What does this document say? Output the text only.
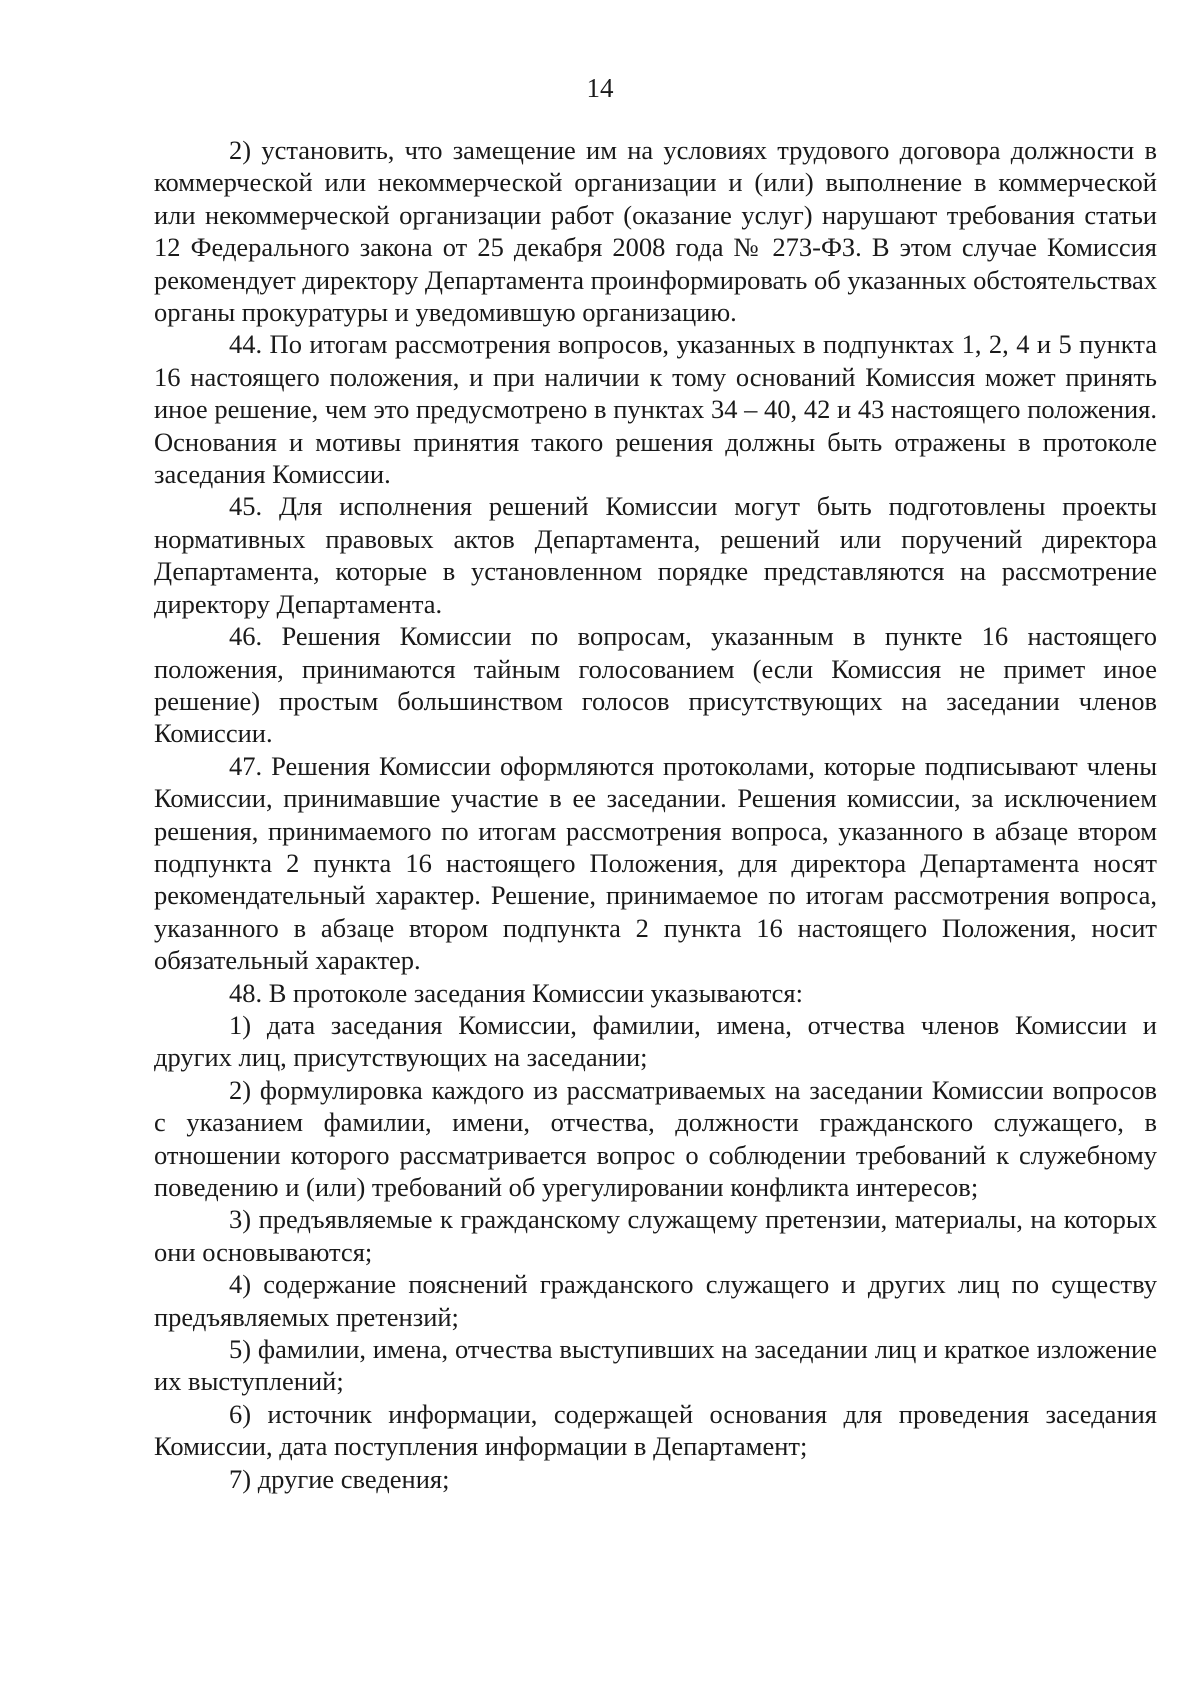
14

2) установить, что замещение им на условиях трудового договора должности в коммерческой или некоммерческой организации и (или) выполнение в коммерческой или некоммерческой организации работ (оказание услуг) нарушают требования статьи 12 Федерального закона от 25 декабря 2008 года № 273-ФЗ. В этом случае Комиссия рекомендует директору Департамента проинформировать об указанных обстоятельствах органы прокуратуры и уведомившую организацию.

44. По итогам рассмотрения вопросов, указанных в подпунктах 1, 2, 4 и 5 пункта 16 настоящего положения, и при наличии к тому оснований Комиссия может принять иное решение, чем это предусмотрено в пунктах 34 – 40, 42 и 43 настоящего положения. Основания и мотивы принятия такого решения должны быть отражены в протоколе заседания Комиссии.

45. Для исполнения решений Комиссии могут быть подготовлены проекты нормативных правовых актов Департамента, решений или поручений директора Департамента, которые в установленном порядке представляются на рассмотрение директору Департамента.

46. Решения Комиссии по вопросам, указанным в пункте 16 настоящего положения, принимаются тайным голосованием (если Комиссия не примет иное решение) простым большинством голосов присутствующих на заседании членов Комиссии.

47. Решения Комиссии оформляются протоколами, которые подписывают члены Комиссии, принимавшие участие в ее заседании. Решения комиссии, за исключением решения, принимаемого по итогам рассмотрения вопроса, указанного в абзаце втором подпункта 2 пункта 16 настоящего Положения, для директора Департамента носят рекомендательный характер. Решение, принимаемое по итогам рассмотрения вопроса, указанного в абзаце втором подпункта 2 пункта 16 настоящего Положения, носит обязательный характер.

48. В протоколе заседания Комиссии указываются:

1) дата заседания Комиссии, фамилии, имена, отчества членов Комиссии и других лиц, присутствующих на заседании;

2) формулировка каждого из рассматриваемых на заседании Комиссии вопросов с указанием фамилии, имени, отчества, должности гражданского служащего, в отношении которого рассматривается вопрос о соблюдении требований к служебному поведению и (или) требований об урегулировании конфликта интересов;

3) предъявляемые к гражданскому служащему претензии, материалы, на которых они основываются;

4) содержание пояснений гражданского служащего и других лиц по существу предъявляемых претензий;

5) фамилии, имена, отчества выступивших на заседании лиц и краткое изложение их выступлений;

6) источник информации, содержащей основания для проведения заседания Комиссии, дата поступления информации в Департамент;

7) другие сведения;
